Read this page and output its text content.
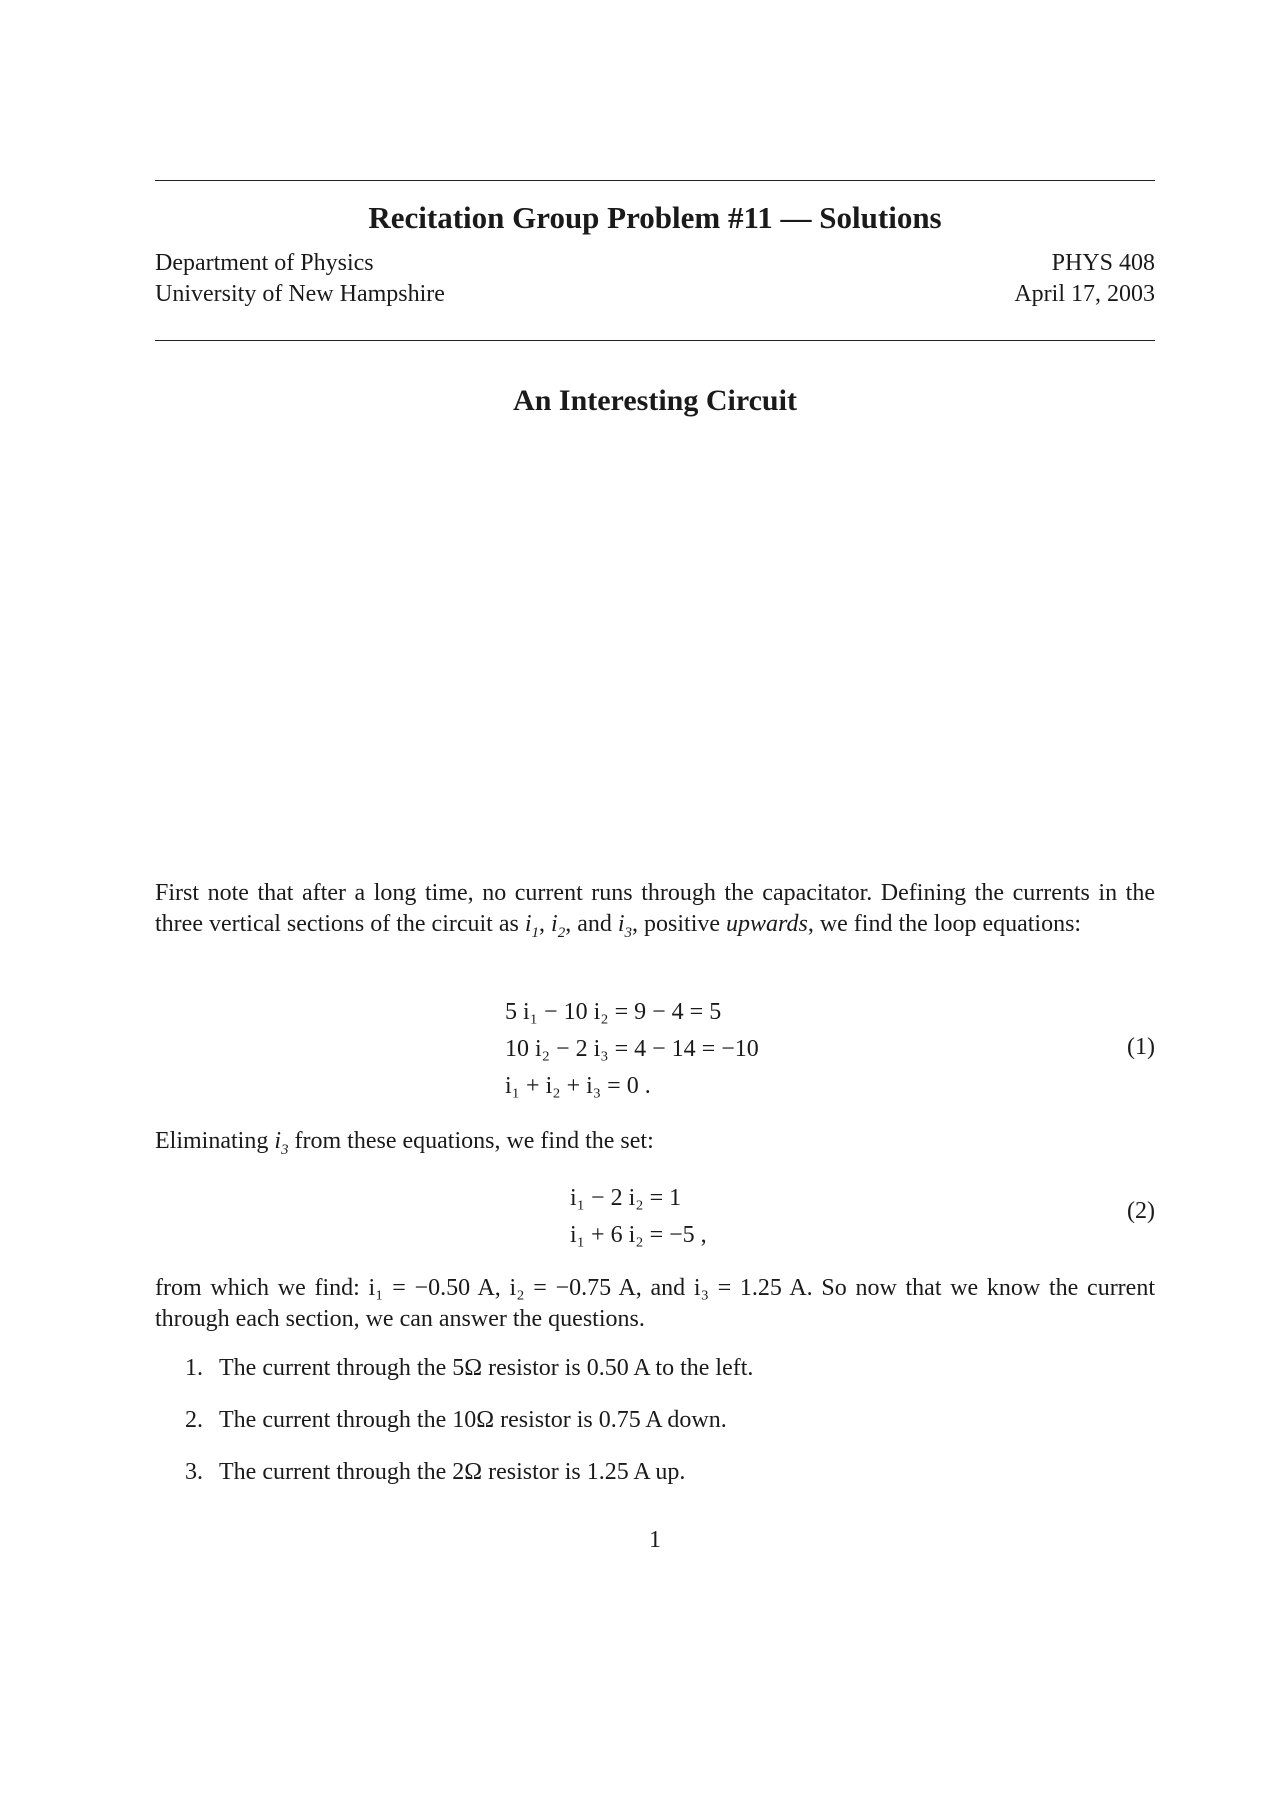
Recitation Group Problem #11 — Solutions
Department of Physics
University of New Hampshire
PHYS 408
April 17, 2003
An Interesting Circuit
First note that after a long time, no current runs through the capacitator. Defining the currents in the three vertical sections of the circuit as $i_1$, $i_2$, and $i_3$, positive upwards, we find the loop equations:
5 i₁ − 10 i₂ = 9 − 4 = 5
10 i₂ − 2 i₃ = 4 − 14 = −10
i₁ + i₂ + i₃ = 0 .
(1)
Eliminating $i_3$ from these equations, we find the set:
i₁ − 2 i₂ = 1
i₁ + 6 i₂ = −5 ,
(2)
from which we find: i₁ = −0.50 A, i₂ = −0.75 A, and i₃ = 1.25 A. So now that we know the current through each section, we can answer the questions.
1. The current through the 5Ω resistor is 0.50 A to the left.
2. The current through the 10Ω resistor is 0.75 A down.
3. The current through the 2Ω resistor is 1.25 A up.
1
